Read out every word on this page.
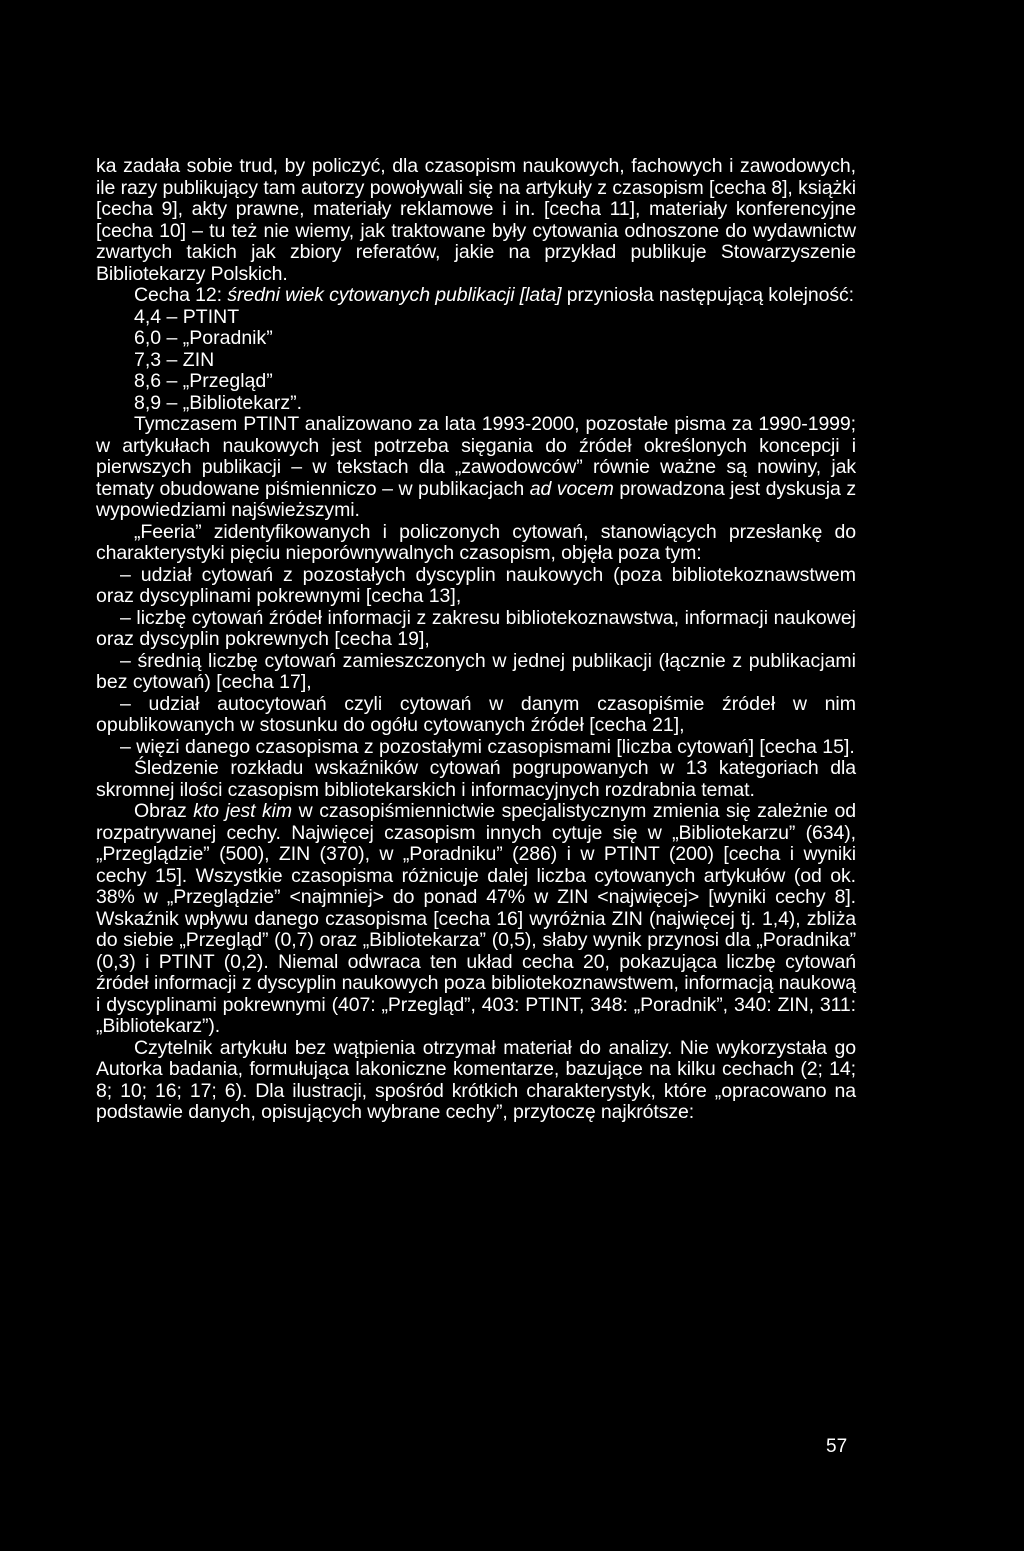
ka zadała sobie trud, by policzyć, dla czasopism naukowych, fachowych i zawodowych, ile razy publikujący tam autorzy powoływali się na artykuły z czasopism [cecha 8], książki [cecha 9], akty prawne, materiały reklamowe i in. [cecha 11], materiały konferencyjne [cecha 10] – tu też nie wiemy, jak traktowane były cytowania odnoszone do wydawnictw zwartych takich jak zbiory referatów, jakie na przykład publikuje Stowarzyszenie Bibliotekarzy Polskich.

Cecha 12: średni wiek cytowanych publikacji [lata] przyniosła następującą kolejność:

4,4 – PTINT
6,0 – „Poradnik”
7,3 – ZIN
8,6 – „Przegląd”
8,9 – „Bibliotekarz”.

Tymczasem PTINT analizowano za lata 1993-2000, pozostałe pisma za 1990-1999; w artykułach naukowych jest potrzeba sięgania do źródeł określonych koncepcji i pierwszych publikacji – w tekstach dla „zawodowców” równie ważne są nowiny, jak tematy obudowane piśmienniczo – w publikacjach ad vocem prowadzona jest dyskusja z wypowiedziami najświeższymi.

„Feeria” zidentyfikowanych i policzonych cytowań, stanowiących przesłankę do charakterystyki pięciu nieporównywalnych czasopism, objęła poza tym:

– udział cytowań z pozostałych dyscyplin naukowych (poza bibliotekoznawstwem oraz dyscyplinami pokrewnymi [cecha 13],

– liczbę cytowań źródeł informacji z zakresu bibliotekoznawstwa, informacji naukowej oraz dyscyplin pokrewnych [cecha 19],

– średnią liczbę cytowań zamieszczonych w jednej publikacji (łącznie z publikacjami bez cytowań) [cecha 17],

– udział autocytowań czyli cytowań w danym czasopiśmie źródeł w nim opublikowanych w stosunku do ogółu cytowanych źródeł [cecha 21],

– więzi danego czasopisma z pozostałymi czasopismami [liczba cytowań] [cecha 15].

Śledzenie rozkładu wskaźników cytowań pogrupowanych w 13 kategoriach dla skromnej ilości czasopism bibliotekarskich i informacyjnych rozdrabnia temat.

Obraz kto jest kim w czasopiśmiennictwie specjalistycznym zmienia się zależnie od rozpatrywanej cechy. Najwięcej czasopism innych cytuje się w „Bibliotekarzu” (634), „Przeglądzie” (500), ZIN (370), w „Poradniku” (286) i w PTINT (200) [cecha i wyniki cechy 15]. Wszystkie czasopisma różnicuje dalej liczba cytowanych artykułów (od ok. 38% w „Przeglądzie” <najmniej> do ponad 47% w ZIN <najwięcej> [wyniki cechy 8]. Wskaźnik wpływu danego czasopisma [cecha 16] wyróżnia ZIN (najwięcej tj. 1,4), zbliża do siebie „Przegląd” (0,7) oraz „Bibliotekarza” (0,5), słaby wynik przynosi dla „Poradnika” (0,3) i PTINT (0,2). Niemal odwraca ten układ cecha 20, pokazująca liczbę cytowań źródeł informacji z dyscyplin naukowych poza bibliotekoznawstwem, informacją naukową i dyscyplinami pokrewnymi (407: „Przegląd”, 403: PTINT, 348: „Poradnik”, 340: ZIN, 311: „Bibliotekarz”).

Czytelnik artykułu bez wątpienia otrzymał materiał do analizy. Nie wykorzystała go Autorka badania, formułująca lakoniczne komentarze, bazujące na kilku cechach (2; 14; 8; 10; 16; 17; 6). Dla ilustracji, spośród krótkich charakterystyk, które „opracowano na podstawie danych, opisujących wybrane cechy”, przytoczę najkrótsze:

57
